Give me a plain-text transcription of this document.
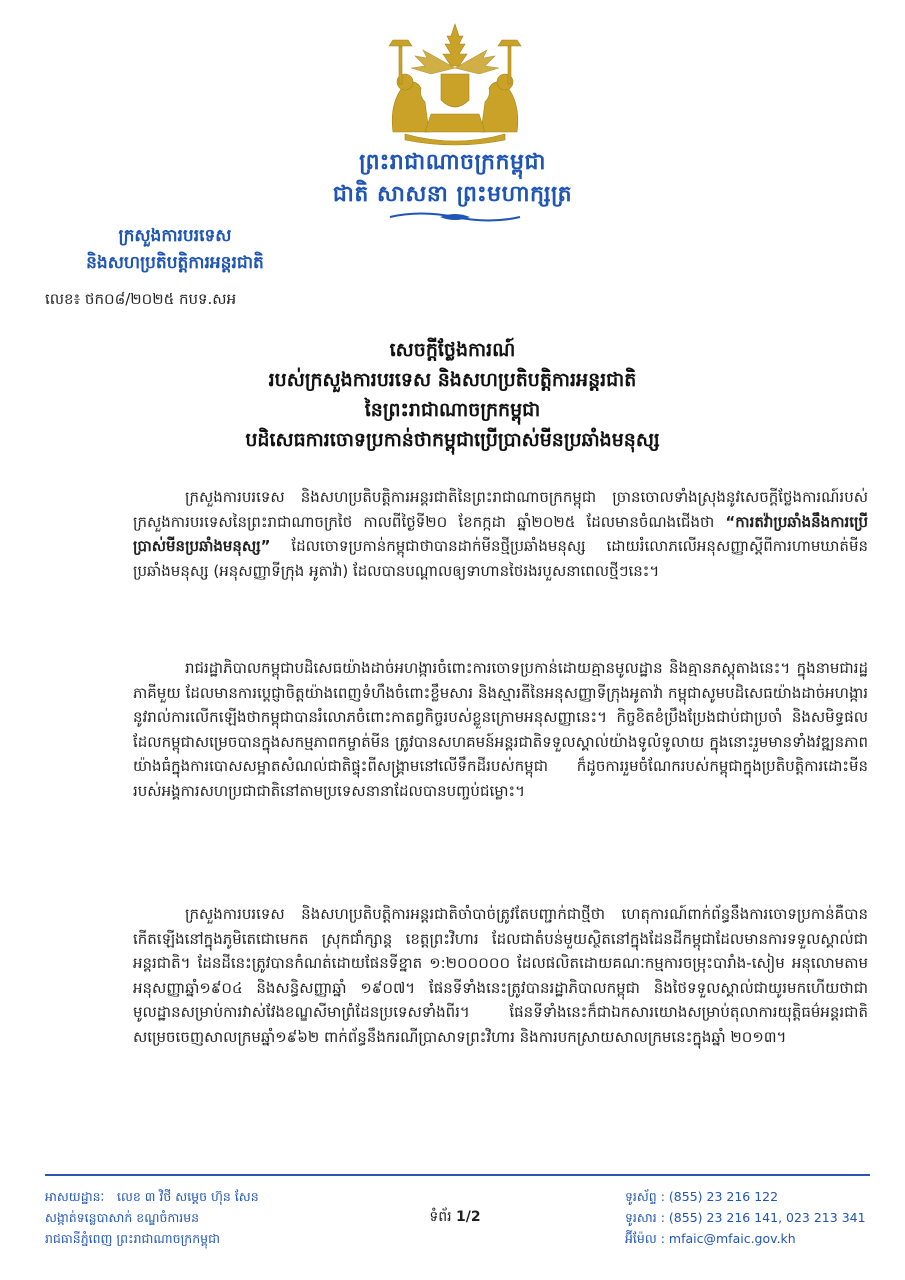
ព្រះរាជាណាចក្រកម្ពុជា
ជាតិ សាសនា ព្រះមហាក្សត្រ
ក្រសួងការបរទេស
និងសហប្រតិបត្តិការអន្តរជាតិ
លេខ៖ ថក០៨/២០២៥ កបទ.សអ
សេចក្តីថ្លែងការណ៍
របស់ក្រសួងការបរទេស និងសហប្រតិបត្តិការអន្តរជាតិ
នៃព្រះរាជាណាចក្រកម្ពុជា
បដិសេធការចោទប្រកាន់ថាកម្ពុជាប្រើប្រាស់មីនប្រឆាំងមនុស្ស

ក្រសួងការបរទេស និងសហប្រតិបត្តិការអន្តរជាតិនៃព្រះរាជាណាចក្រកម្ពុជា ច្រានចោលទាំងស្រុងនូវសេចក្តីថ្លែងការណ៍របស់ក្រសួងការបរទេសនៃព្រះរាជាណាចក្រថៃ កាលពីថ្ងៃទី២០ ខែកក្កដា ឆ្នាំ២០២៥ ដែលមានចំណងជើងថា “ការតវ៉ាប្រឆាំងនឹងការប្រើប្រាស់មីនប្រឆាំងមនុស្ស” ដែលចោទប្រកាន់កម្ពុជាថាបានដាក់មីនថ្មីប្រឆាំងមនុស្ស ដោយរំលោភលើអនុសញ្ញាស្តីពីការហាមឃាត់មីនប្រឆាំងមនុស្ស (អនុសញ្ញាទីក្រុង អូតាវ៉ា) ដែលបានបណ្តាលឲ្យទាហានថៃរងរបួសនាពេលថ្មីៗនេះ។

រាជរដ្ឋាភិបាលកម្ពុជាបដិសេធយ៉ាងដាច់អហង្ការចំពោះការចោទប្រកាន់ដោយគ្មានមូលដ្ឋាន និងគ្មានភស្តុតាងនេះ។ ក្នុងនាមជារដ្ឋភាគីមួយ ដែលមានការប្តេជ្ញាចិត្តយ៉ាងពេញទំហឹងចំពោះខ្លឹមសារ និងស្មារតីនៃអនុសញ្ញាទីក្រុងអូតាវ៉ា កម្ពុជាសូមបដិសេធយ៉ាងដាច់អហង្ការនូវរាល់ការលើកឡើងថាកម្ពុជាបានរំលោភចំពោះកាតព្វកិច្ចរបស់ខ្លួនក្រោមអនុសញ្ញានេះ។ កិច្ចខិតខំប្រឹងប្រែងជាប់ជាប្រចាំ និងសមិទ្ធផលដែលកម្ពុជាសម្រេចបានក្នុងសកម្មភាពកម្ចាត់មីន ត្រូវបានសហគមន៍អន្តរជាតិទទួលស្គាល់យ៉ាងទូលំទូលាយ ក្នុងនោះរួមមានទាំងវឌ្ឍនភាពយ៉ាងធំក្នុងការបោសសម្អាតសំណល់ជាតិផ្ទុះពីសង្គ្រាមនៅលើទឹកដីរបស់កម្ពុជា ក៏ដូចការរួមចំណែករបស់កម្ពុជាក្នុងប្រតិបត្តិការដោះមីនរបស់អង្គការសហប្រជាជាតិនៅតាមប្រទេសនានាដែលបានបញ្ចប់ជម្លោះ។

ក្រសួងការបរទេស និងសហប្រតិបត្តិការអន្តរជាតិចាំបាច់ត្រូវតែបញ្ជាក់ជាថ្មីថា ហេតុការណ៍ពាក់ព័ន្ធនឹងការចោទប្រកាន់គឺបានកើតឡើងនៅក្នុងភូមិតេជោមេកត ស្រុកជាំក្សាន្ត ខេត្តព្រះវិហារ ដែលជាតំបន់មួយស្ថិតនៅក្នុងដែនដីកម្ពុជាដែលមានការទទួលស្គាល់ជាអន្តរជាតិ។ ដែនដីនេះត្រូវបានកំណត់ដោយផែនទីខ្នាត ១:២០០០០០ ដែលផលិតដោយគណៈកម្មការចម្រុះបារាំង-សៀម អនុលោមតាមអនុសញ្ញាឆ្នាំ១៩០៤ និងសន្ធិសញ្ញាឆ្នាំ ១៩០៧។ ផែនទីទាំងនេះត្រូវបានរដ្ឋាភិបាលកម្ពុជា និងថៃទទួលស្គាល់ជាយូរមកហើយថាជាមូលដ្ឋានសម្រាប់ការវាស់វែងខណ្ឌសីមាព្រំដែនប្រទេសទាំងពីរ។ ផែនទីទាំងនេះក៏ជាឯកសារយោងសម្រាប់តុលាការយុត្តិធម៌អន្តរជាតិ សម្រេចចេញសាលក្រមឆ្នាំ១៩៦២ ពាក់ព័ន្ធនឹងករណីប្រាសាទព្រះវិហារ និងការបកស្រាយសាលក្រមនេះក្នុងឆ្នាំ ២០១៣។

អាសយដ្ឋានៈ លេខ ៣ វិថី សម្តេច ហ៊ុន សែន
សង្កាត់ទន្លេបាសាក់ ខណ្ឌចំការមន
រាជធានីភ្នំពេញ ព្រះរាជាណាចក្រកម្ពុជា
ទំព័រ 1/2
ទូរស័ព្ទ : (855) 23 216 122
ទូរសារ : (855) 23 216 141, 023 213 341
អ៊ីម៉ែល : mfaic@mfaic.gov.kh
